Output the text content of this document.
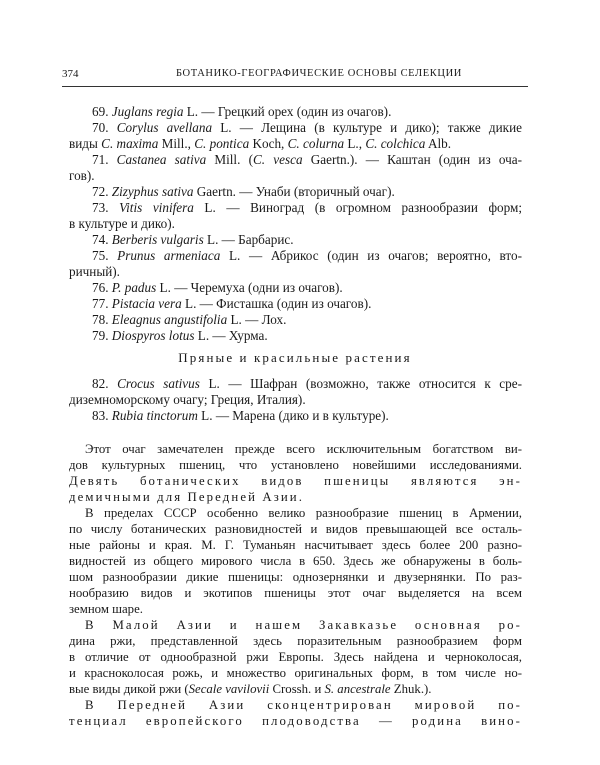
374	БОТАНИКО-ГЕОГРАФИЧЕСКИЕ ОСНОВЫ СЕЛЕКЦИИ
69. Juglans regia L. — Грецкий орех (один из очагов).
70. Corylus avellana L. — Лещина (в культуре и дико); также дикие
виды C. maxima Mill., C. pontica Koch, C. colurna L., C. colchica Alb.
71. Castanea sativa Mill. (C. vesca Gaertn.). — Каштан (один из оча-
гов).
72. Zizyphus sativa Gaertn. — Унаби (вторичный очаг).
73. Vitis vinifera L. — Виноград (в огромном разнообразии форм;
в культуре и дико).
74. Berberis vulgaris L. — Барбарис.
75. Prunus armeniaca L. — Абрикос (один из очагов; вероятно, вто-
ричный).
76. P. padus L. — Черемуха (одни из очагов).
77. Pistacia vera L. — Фисташка (один из очагов).
78. Eleagnus angustifolia L. — Лох.
79. Diospyros lotus L. — Хурма.
Пряные и красильные растения
82. Crocus sativus L. — Шафран (возможно, также относится к сре-
диземноморскому очагу; Греция, Италия).
83. Rubia tinctorum L. — Марена (дико и в культуре).
Этот очаг замечателен прежде всего исключительным богатством ви-
дов культурных пшениц, что установлено новейшими исследованиями.
Девять ботанических видов пшеницы являются эн-
демичными для Передней Азии.
В пределах СССР особенно велико разнообразие пшениц в Армении,
по числу ботанических разновидностей и видов превышающей все осталь-
ные районы и края. М. Г. Туманьян насчитывает здесь более 200 разно-
видностей из общего мирового числа в 650. Здесь же обнаружены в боль-
шом разнообразии дикие пшеницы: однозернянки и двузернянки. По раз-
нообразию видов и экотипов пшеницы этот очаг выделяется на всем
земном шаре.
В Малой Азии и нашем Закавказье основная ро-
дина ржи, представленной здесь поразительным разнообразием форм
в отличие от однообразной ржи Европы. Здесь найдена и черноколосая,
и красноколосая рожь, и множество оригинальных форм, в том числе но-
вые виды дикой ржи (Secale vavilovii Crossh. и S. ancestrale Zhuk.).
В Передней Азии сконцентрирован мировой по-
тенциал европейского плодоводства — родина вино-
